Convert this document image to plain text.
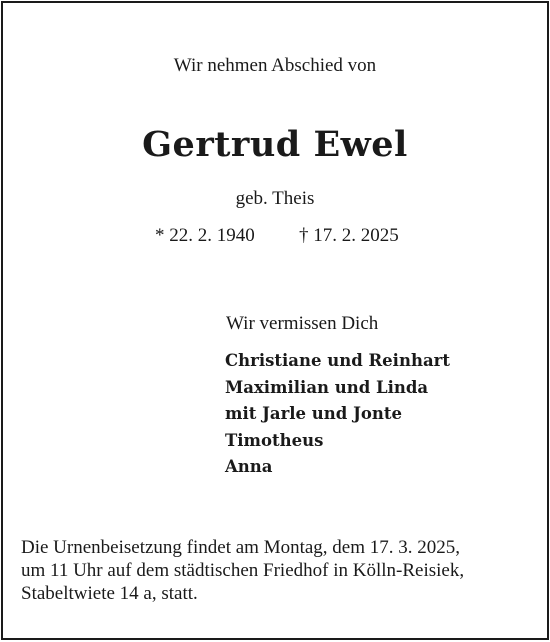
Wir nehmen Abschied von
Gertrud Ewel
geb. Theis
* 22. 2. 1940 † 17. 2. 2025
Wir vermissen Dich
Christiane und Reinhart
Maximilian und Linda
mit Jarle und Jonte
Timotheus
Anna

Die Urnenbeisetzung findet am Montag, dem 17. 3. 2025,
um 11 Uhr auf dem städtischen Friedhof in Kölln-Reisiek,
Stabeltwiete 14 a, statt.
